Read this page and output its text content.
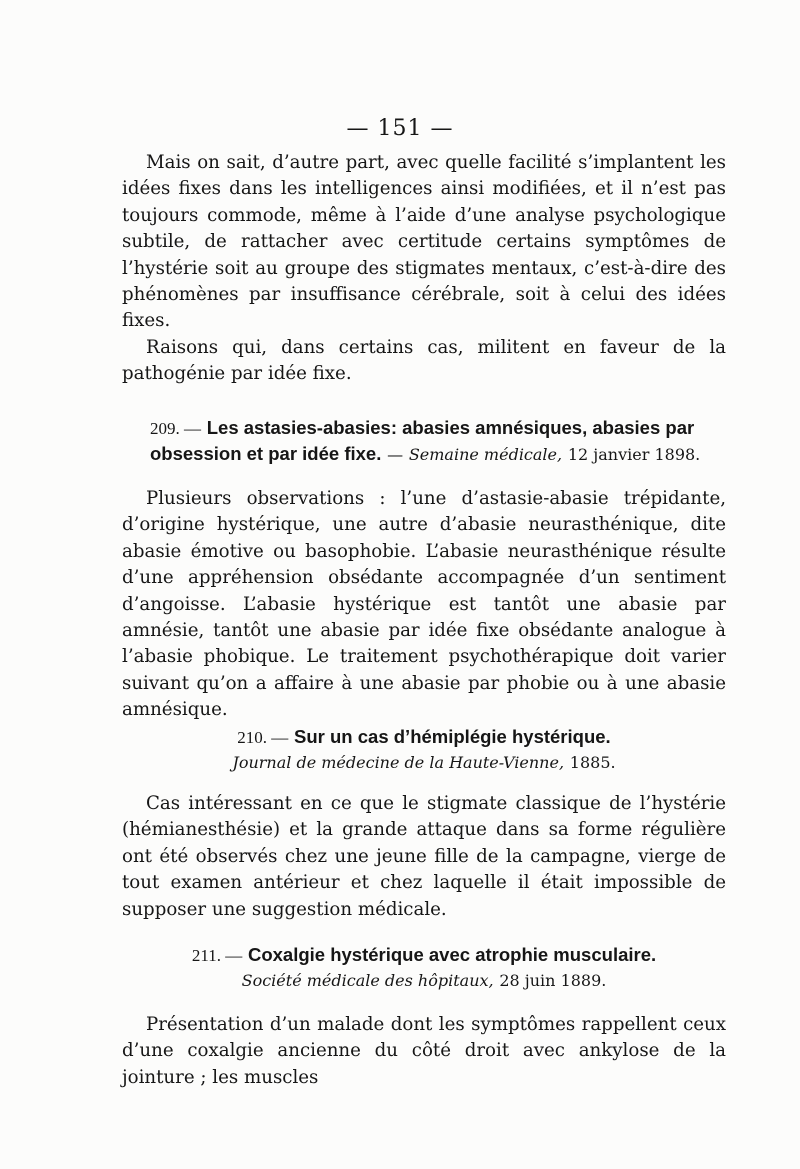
— 151 —

Mais on sait, d’autre part, avec quelle facilité s’implantent les idées fixes dans les intelligences ainsi modifiées, et il n’est pas toujours commode, même à l’aide d’une analyse psychologique subtile, de rattacher avec certitude certains symptômes de l’hystérie soit au groupe des stigmates mentaux, c’est-à-dire des phénomènes par insuffisance cérébrale, soit à celui des idées fixes.

Raisons qui, dans certains cas, militent en faveur de la pathogénie par idée fixe.

209. — Les astasies-abasies: abasies amnésiques, abasies par obsession et par idée fixe. — Semaine médicale, 12 janvier 1898.

Plusieurs observations : l’une d’astasie-abasie trépidante, d’origine hystérique, une autre d’abasie neurasthénique, dite abasie émotive ou basophobie. L’abasie neurasthénique résulte d’une appréhension obsédante accompagnée d’un sentiment d’angoisse. L’abasie hystérique est tantôt une abasie par amnésie, tantôt une abasie par idée fixe obsédante analogue à l’abasie phobique. Le traitement psychothérapique doit varier suivant qu’on a affaire à une abasie par phobie ou à une abasie amnésique.

210. — Sur un cas d’hémiplégie hystérique.
Journal de médecine de la Haute-Vienne, 1885.

Cas intéressant en ce que le stigmate classique de l’hystérie (hémianesthésie) et la grande attaque dans sa forme régulière ont été observés chez une jeune fille de la campagne, vierge de tout examen antérieur et chez laquelle il était impossible de supposer une suggestion médicale.

211. — Coxalgie hystérique avec atrophie musculaire.
Société médicale des hôpitaux, 28 juin 1889.

Présentation d’un malade dont les symptômes rappellent ceux d’une coxalgie ancienne du côté droit avec ankylose de la jointure ; les muscles
